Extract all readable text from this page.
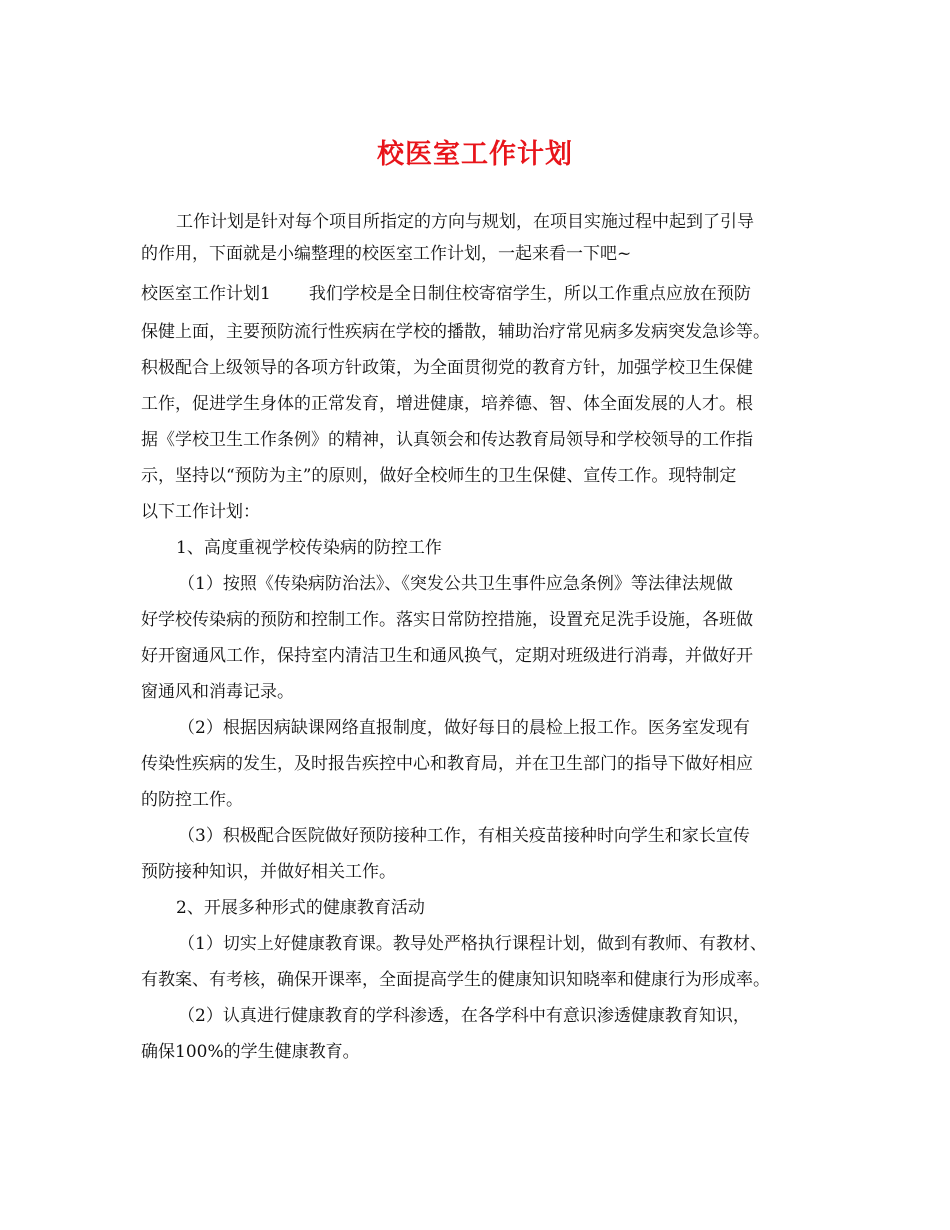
校医室工作计划
工作计划是针对每个项目所指定的方向与规划，在项目实施过程中起到了引导
的作用，下面就是小编整理的校医室工作计划，一起来看一下吧~
校医室工作计划1 我们学校是全日制住校寄宿学生，所以工作重点应放在预防
保健上面，主要预防流行性疾病在学校的播散，辅助治疗常见病多发病突发急诊等。
积极配合上级领导的各项方针政策，为全面贯彻党的教育方针，加强学校卫生保健
工作，促进学生身体的正常发育，增进健康，培养德、智、体全面发展的人才。根
据《学校卫生工作条例》的精神，认真领会和传达教育局领导和学校领导的工作指
示，坚持以“预防为主”的原则，做好全校师生的卫生保健、宣传工作。现特制定
以下工作计划：
1、高度重视学校传染病的防控工作
（1）按照《传染病防治法》、《突发公共卫生事件应急条例》等法律法规做
好学校传染病的预防和控制工作。落实日常防控措施，设置充足洗手设施，各班做
好开窗通风工作，保持室内清洁卫生和通风换气，定期对班级进行消毒，并做好开
窗通风和消毒记录。
（2）根据因病缺课网络直报制度，做好每日的晨检上报工作。医务室发现有
传染性疾病的发生，及时报告疾控中心和教育局，并在卫生部门的指导下做好相应
的防控工作。
（3）积极配合医院做好预防接种工作，有相关疫苗接种时向学生和家长宣传
预防接种知识，并做好相关工作。
2、开展多种形式的健康教育活动
（1）切实上好健康教育课。教导处严格执行课程计划，做到有教师、有教材、
有教案、有考核，确保开课率，全面提高学生的健康知识知晓率和健康行为形成率。
（2）认真进行健康教育的学科渗透，在各学科中有意识渗透健康教育知识，
确保100%的学生健康教育。
